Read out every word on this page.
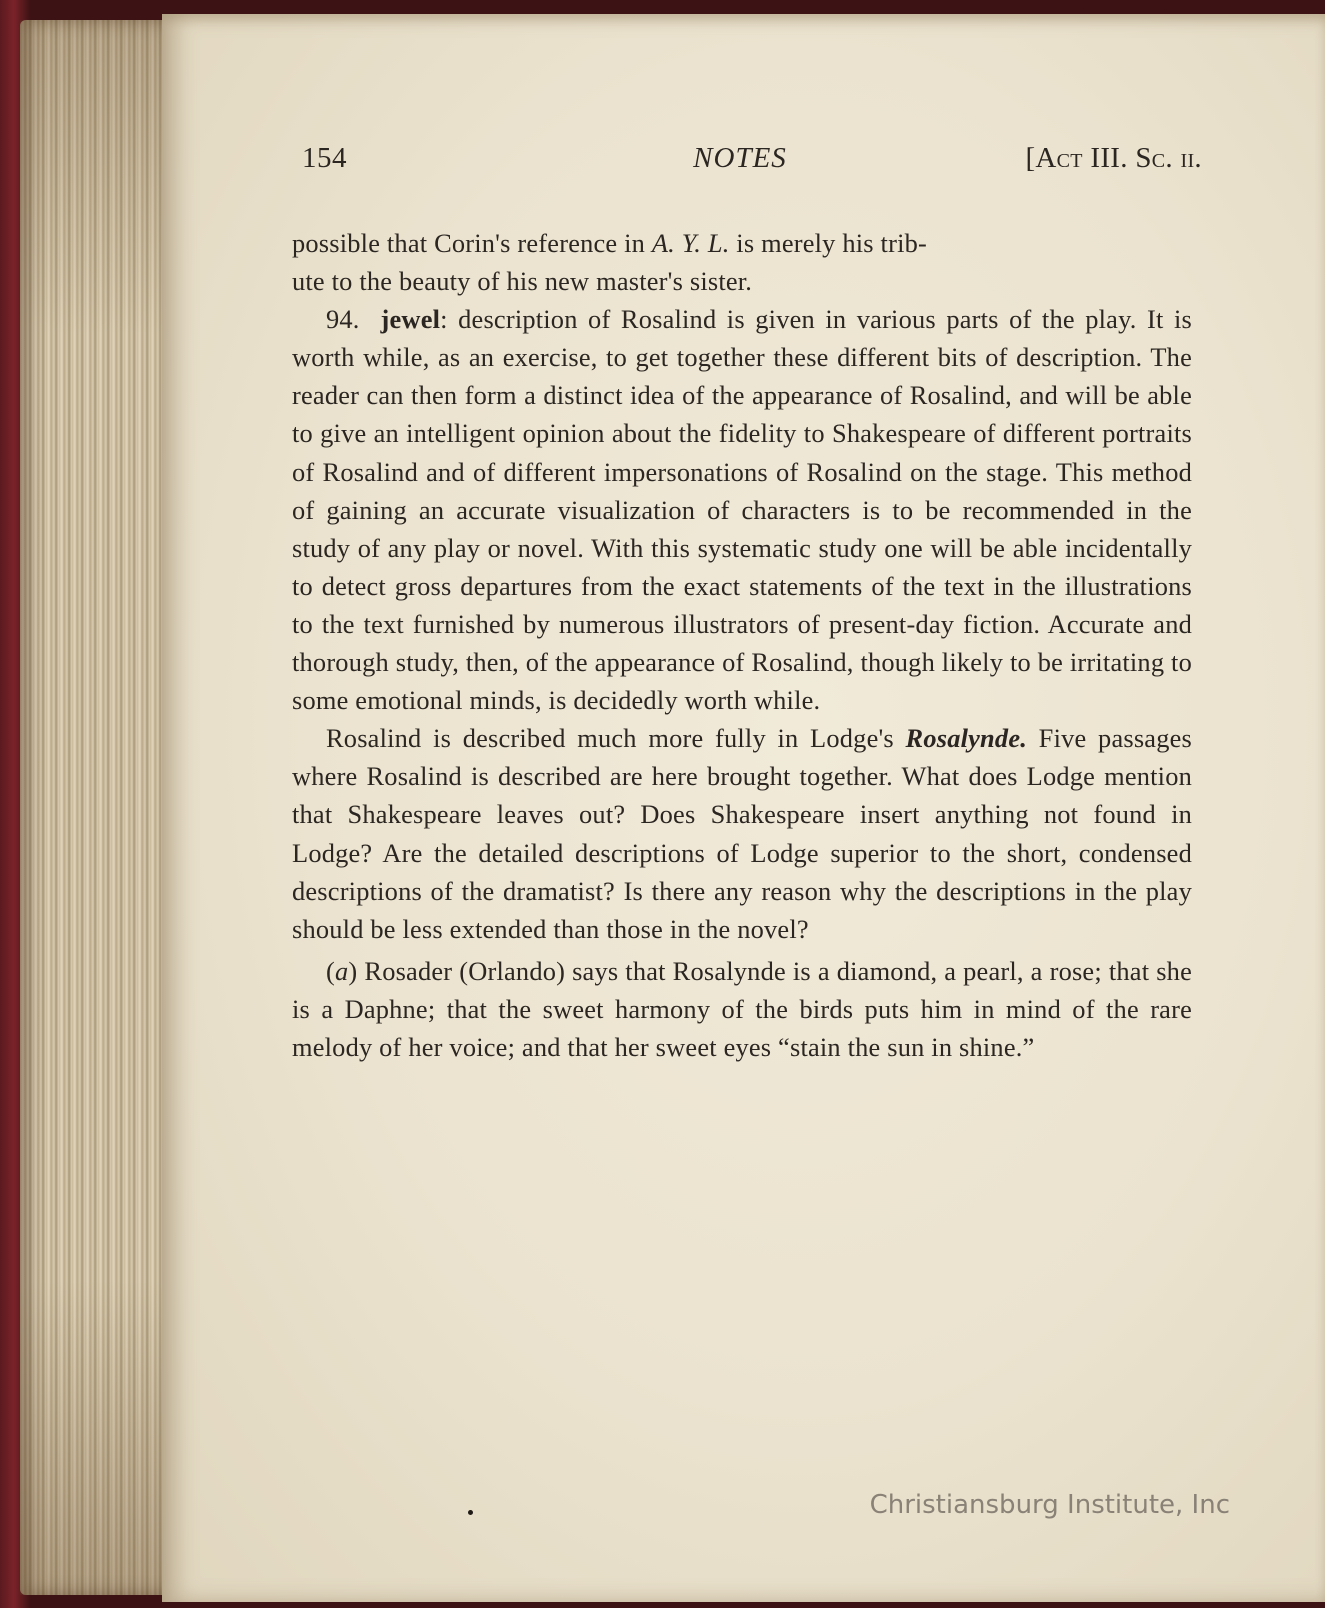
154	NOTES	[Act III. Sc. ii.

possible that Corin's reference in A. Y. L. is merely his trib-
ute to the beauty of his new master's sister.

94. jewel: description of Rosalind is given in various parts of the play. It is worth while, as an exercise, to get together these different bits of description. The reader can then form a distinct idea of the appearance of Rosalind, and will be able to give an intelligent opinion about the fidelity to Shakespeare of different portraits of Rosalind and of different impersonations of Rosalind on the stage. This method of gaining an accurate visualization of characters is to be recommended in the study of any play or novel. With this systematic study one will be able incidentally to detect gross departures from the exact statements of the text in the illustrations to the text furnished by numerous illustrators of present-day fiction. Accurate and thorough study, then, of the appearance of Rosalind, though likely to be irritating to some emotional minds, is decidedly worth while.

Rosalind is described much more fully in Lodge's Rosalynde. Five passages where Rosalind is described are here brought together. What does Lodge mention that Shakespeare leaves out? Does Shakespeare insert anything not found in Lodge? Are the detailed descriptions of Lodge superior to the short, condensed descriptions of the dramatist? Is there any reason why the descriptions in the play should be less extended than those in the novel?

(a) Rosader (Orlando) says that Rosalynde is a diamond, a pearl, a rose; that she is a Daphne; that the sweet harmony of the birds puts him in mind of the rare melody of her voice; and that her sweet eyes “stain the sun in shine.”

Christiansburg Institute, Inc
